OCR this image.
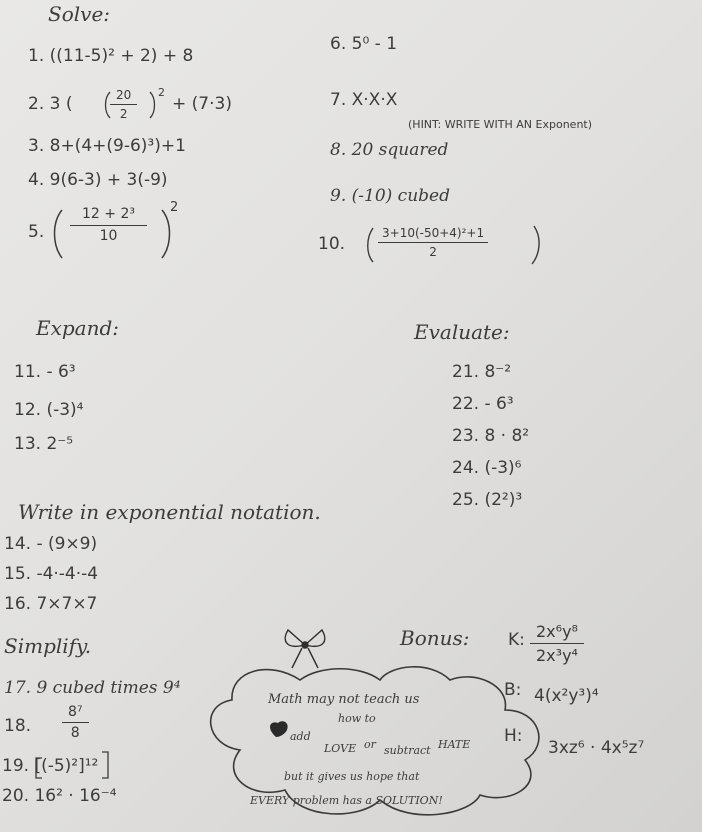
Solve:
1. ((11-5)² + 2) + 8
2. 3 (	$\frac{20}{2} 2$
+ (7·3)
3. 8+(4+(9-6)³)+1
4. 9(6-3) + 3(-9)
5. $\frac{\text{12 + 2³}}{10} 2$
6. 5⁰ - 1
7. X·X·X
(HINT: WRITE WITH AN Exponent)
8. 20 squared
9. (-10) cubed
10.	$\frac{\text{3+10(-50+4)²+1}}{2}$
Expand:
11. - 6³
12. (-3)⁴
13. 2⁻⁵
Evaluate:
21. 8⁻²
22. - 6³
23. 8 · 8²
24. (-3)⁶
25. (2²)³
Write in exponential notation.
14. - (9×9)
15. -4·-4·-4
16. 7×7×7
Simplify.
17. 9 cubed times 9⁴
18. $\frac{\text{8⁷}}{8}$
19. [(-5)²]¹²
20. 16² · 16⁻⁴
Bonus: K: $\frac{\text{2x⁶y⁸}}{\text{2x³y⁴}}$
B: 4(x²y³)⁴
H:
3xz⁶ · 4x⁵z⁷
Math may not teach us
how to
add
LOVE or subtract HATE
but it gives us hope that
EVERY problem has a SOLUTION!
